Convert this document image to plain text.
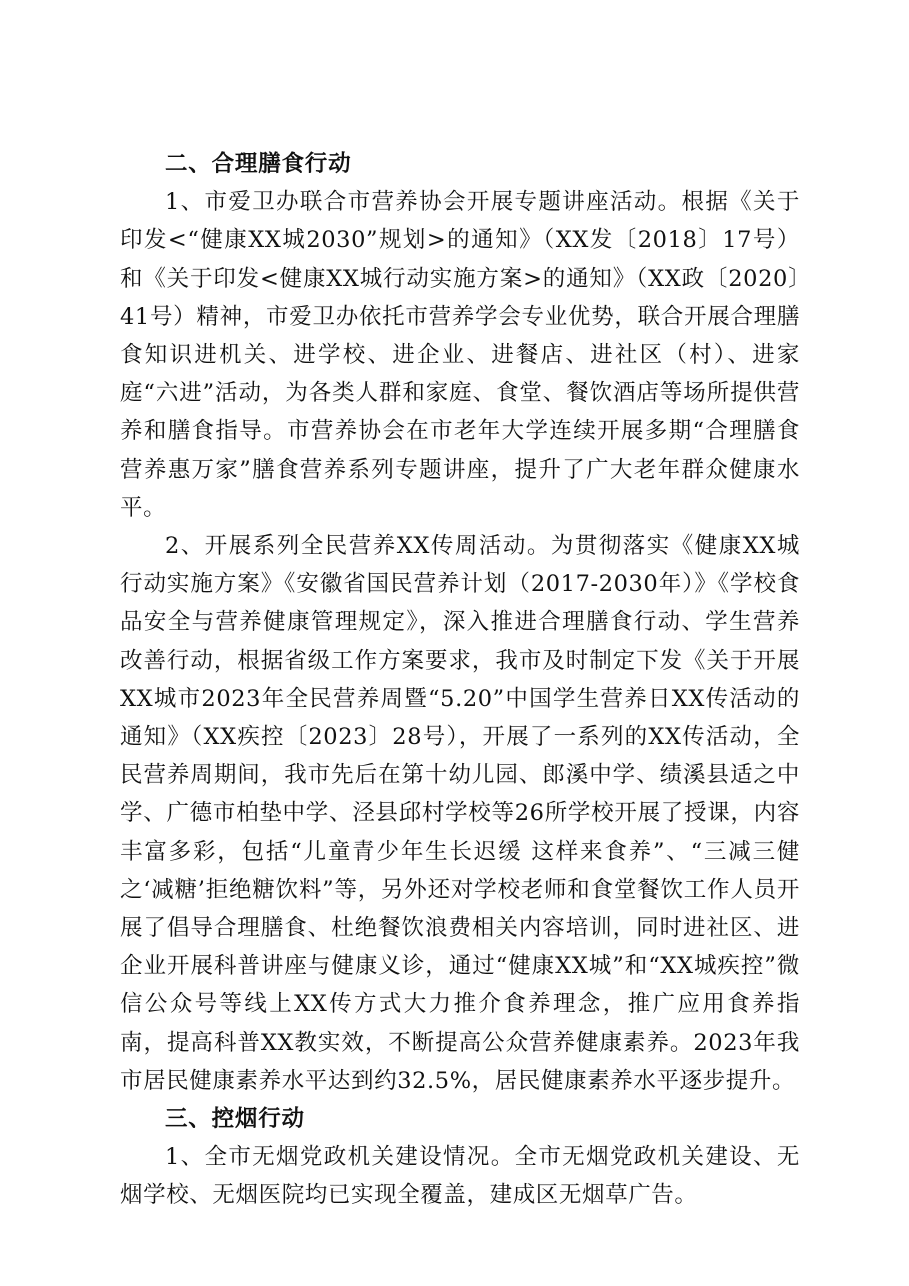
二、合理膳食行动

1、市爱卫办联合市营养协会开展专题讲座活动。根据《关于印发<“健康XX城2030”规划>的通知》（XX发〔2018〕17号）和《关于印发<健康XX城行动实施方案>的通知》（XX政〔2020〕41号）精神，市爱卫办依托市营养学会专业优势，联合开展合理膳食知识进机关、进学校、进企业、进餐店、进社区（村）、进家庭“六进”活动，为各类人群和家庭、食堂、餐饮酒店等场所提供营养和膳食指导。市营养协会在市老年大学连续开展多期“合理膳食营养惠万家”膳食营养系列专题讲座，提升了广大老年群众健康水平。

2、开展系列全民营养XX传周活动。为贯彻落实《健康XX城行动实施方案》《安徽省国民营养计划（2017-2030年）》《学校食品安全与营养健康管理规定》，深入推进合理膳食行动、学生营养改善行动，根据省级工作方案要求，我市及时制定下发《关于开展XX城市2023年全民营养周暨“5.20”中国学生营养日XX传活动的通知》（XX疾控〔2023〕28号），开展了一系列的XX传活动，全民营养周期间，我市先后在第十幼儿园、郎溪中学、绩溪县适之中学、广德市柏垫中学、泾县邱村学校等26所学校开展了授课，内容丰富多彩，包括“儿童青少年生长迟缓 这样来食养”、“三减三健之‘减糖’拒绝糖饮料”等，另外还对学校老师和食堂餐饮工作人员开展了倡导合理膳食、杜绝餐饮浪费相关内容培训，同时进社区、进企业开展科普讲座与健康义诊，通过“健康XX城”和“XX城疾控”微信公众号等线上XX传方式大力推介食养理念，推广应用食养指南，提高科普XX教实效，不断提高公众营养健康素养。2023年我市居民健康素养水平达到约32.5%，居民健康素养水平逐步提升。

三、控烟行动

1、全市无烟党政机关建设情况。全市无烟党政机关建设、无烟学校、无烟医院均已实现全覆盖，建成区无烟草广告。
